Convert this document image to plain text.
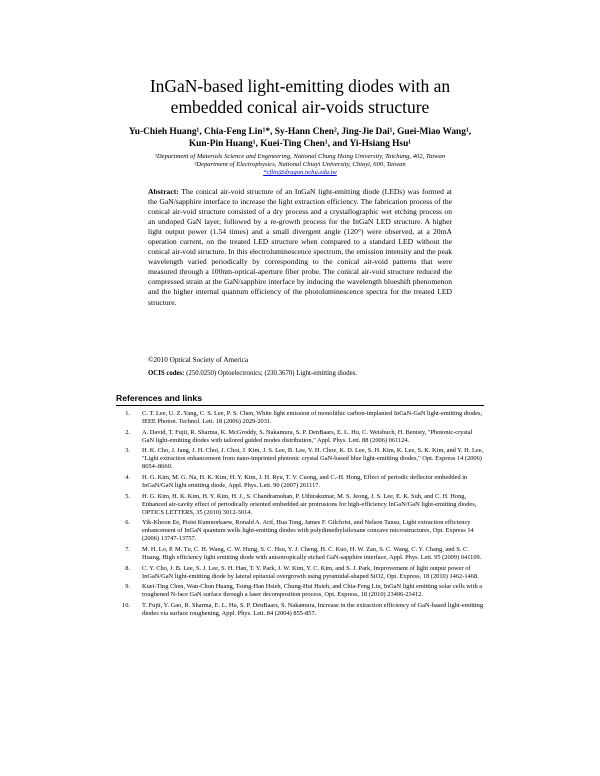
InGaN-based light-emitting diodes with an
embedded conical air-voids structure
Yu-Chieh Huang¹, Chia-Feng Lin¹*, Sy-Hann Chen², Jing-Jie Dai¹, Guei-Miao Wang¹,
Kun-Pin Huang¹, Kuei-Ting Chen¹, and Yi-Hsiang Hsu¹
¹Department of Materials Science and Engineering, National Chung Hsing University, Taichung, 402, Taiwan
²Department of Electrophysics, National Chiayi University, Chiayi, 600, Taiwan
*cflin@dragon.nchu.edu.tw
Abstract: The conical air-void structure of an InGaN light-emitting diode (LEDs) was formed at the GaN/sapphire interface to increase the light extraction efficiency. The fabrication process of the conical air-void structure consisted of a dry process and a crystallographic wet etching process on an undoped GaN layer, followed by a re-growth process for the InGaN LED structure. A higher light output power (1.54 times) and a small divergent angle (120°) were observed, at a 20mA operation current, on the treated LED structure when compared to a standard LED without the conical air-void structure. In this electroluminescence spectrum, the emission intensity and the peak wavelength varied periodically by corresponding to the conical air-void patterns that were measured through a 100nm-optical-aperture fiber probe. The conical air-void structure reduced the compressed strain at the GaN/sapphire interface by inducing the wavelength blueshift phenomenon and the higher internal quantum efficiency of the photoluminescence spectra for the treated LED structure.
©2010 Optical Society of America
OCIS codes: (250.0250) Optoelectronics; (230.3670) Light-emitting diodes.
References and links
1. C. T. Lee, U. Z. Yang, C. S. Lee, P. S. Chen, White light emission of monolithic carbon-implanted InGaN-GaN light-emitting diodes, IEEE Photon. Technol. Lett. 18 (2006) 2029-2031.
2. A. David, T. Fujii, R. Sharma, K. McGroddy, S. Nakamura, S. P. DenBaars, E. L. Hu, C. Weisbuch, H. Benisty, "Photonic-crystal GaN light-emitting diodes with tailored guided modes distribution," Appl. Phys. Lett. 88 (2006) 061124.
3. H. K. Cho, J. Jang, J. H. Choi, J. Choi, J. Kim, J. S. Lee, B. Lee, Y. H. Choe, K. D. Lee, S. H. Kim, K. Lee, S. K. Kim, and Y. H. Lee, "Light extraction enhancement from nano-imprinted photonic crystal GaN-based blue light-emitting diodes," Opt. Express 14 (2006) 8654–8660.
4. H. G. Kim, M. G. Na, H. K. Kim, H. Y. Kim, J. H. Ryu, T. V. Cuong, and C.-H. Hong, Effect of periodic deflector embedded in InGaN/GaN light emitting diode, Appl. Phys. Lett. 90 (2007) 261117.
5. H. G. Kim, H. K. Kim, H. Y. Kim, H. J., S. Chandramohan, P. Uthirakumar, M. S. Jeong, J. S. Lee, E. K. Suh, and C. H. Hong, Enhanced air-cavity effect of periodically oriented embedded air protrusions for high-efficiency InGaN/GaN light-emitting diodes, OPTICS LETTERS, 35 (2010) 3012-3014.
6. Yik-Khoon Ee, Pisist Kumnorkaew, Ronald A. Arif, Hua Tong, James F. Gilchrist, and Nelson Tansu, Light extraction efficiency enhancement of InGaN quantum wells light-emitting diodes with polydimethylsiloxane concave microstructures, Opt. Express 14 (2006) 13747-13757.
7. M. H. Lo, P. M. Tu, C. H. Wang, C. W. Hung, S. C. Hsu, Y. J. Cheng, H. C. Kuo, H. W. Zan, S. C. Wang, C. Y. Chang, and S. C. Huang, High efficiency light emitting diode with anisotropically etched GaN-sapphire interface, Appl. Phys. Lett. 95 (2009) 041109.
8. C. Y. Cho, J. B. Lee, S. J. Lee, S. H. Han, T. Y. Park, J. W. Kim, Y. C. Kim, and S. J. Park, Improvement of light output power of InGaN/GaN light-emitting diode by lateral epitaxial overgrowth using pyramidal-shaped SiO2, Opt. Express, 18 (2010) 1462-1468.
9. Kuei-Ting Chen, Wan-Chun Huang, Tsung-Han Hsieh, Chung-Hui Hsieh, and Chia-Feng Lin, InGaN light emitting solar cells with a roughened N-face GaN surface through a laser decomposition process, Opt. Express, 18 (2010) 23406-23412.
10. T. Fujii, Y. Gao, R. Sharma, E. L. Hu, S. P. DenBaars, S. Nakamura, Increase in the extraction efficiency of GaN-based light-emitting diodes via surface roughening, Appl. Phys. Lett. 84 (2004) 855-857.
